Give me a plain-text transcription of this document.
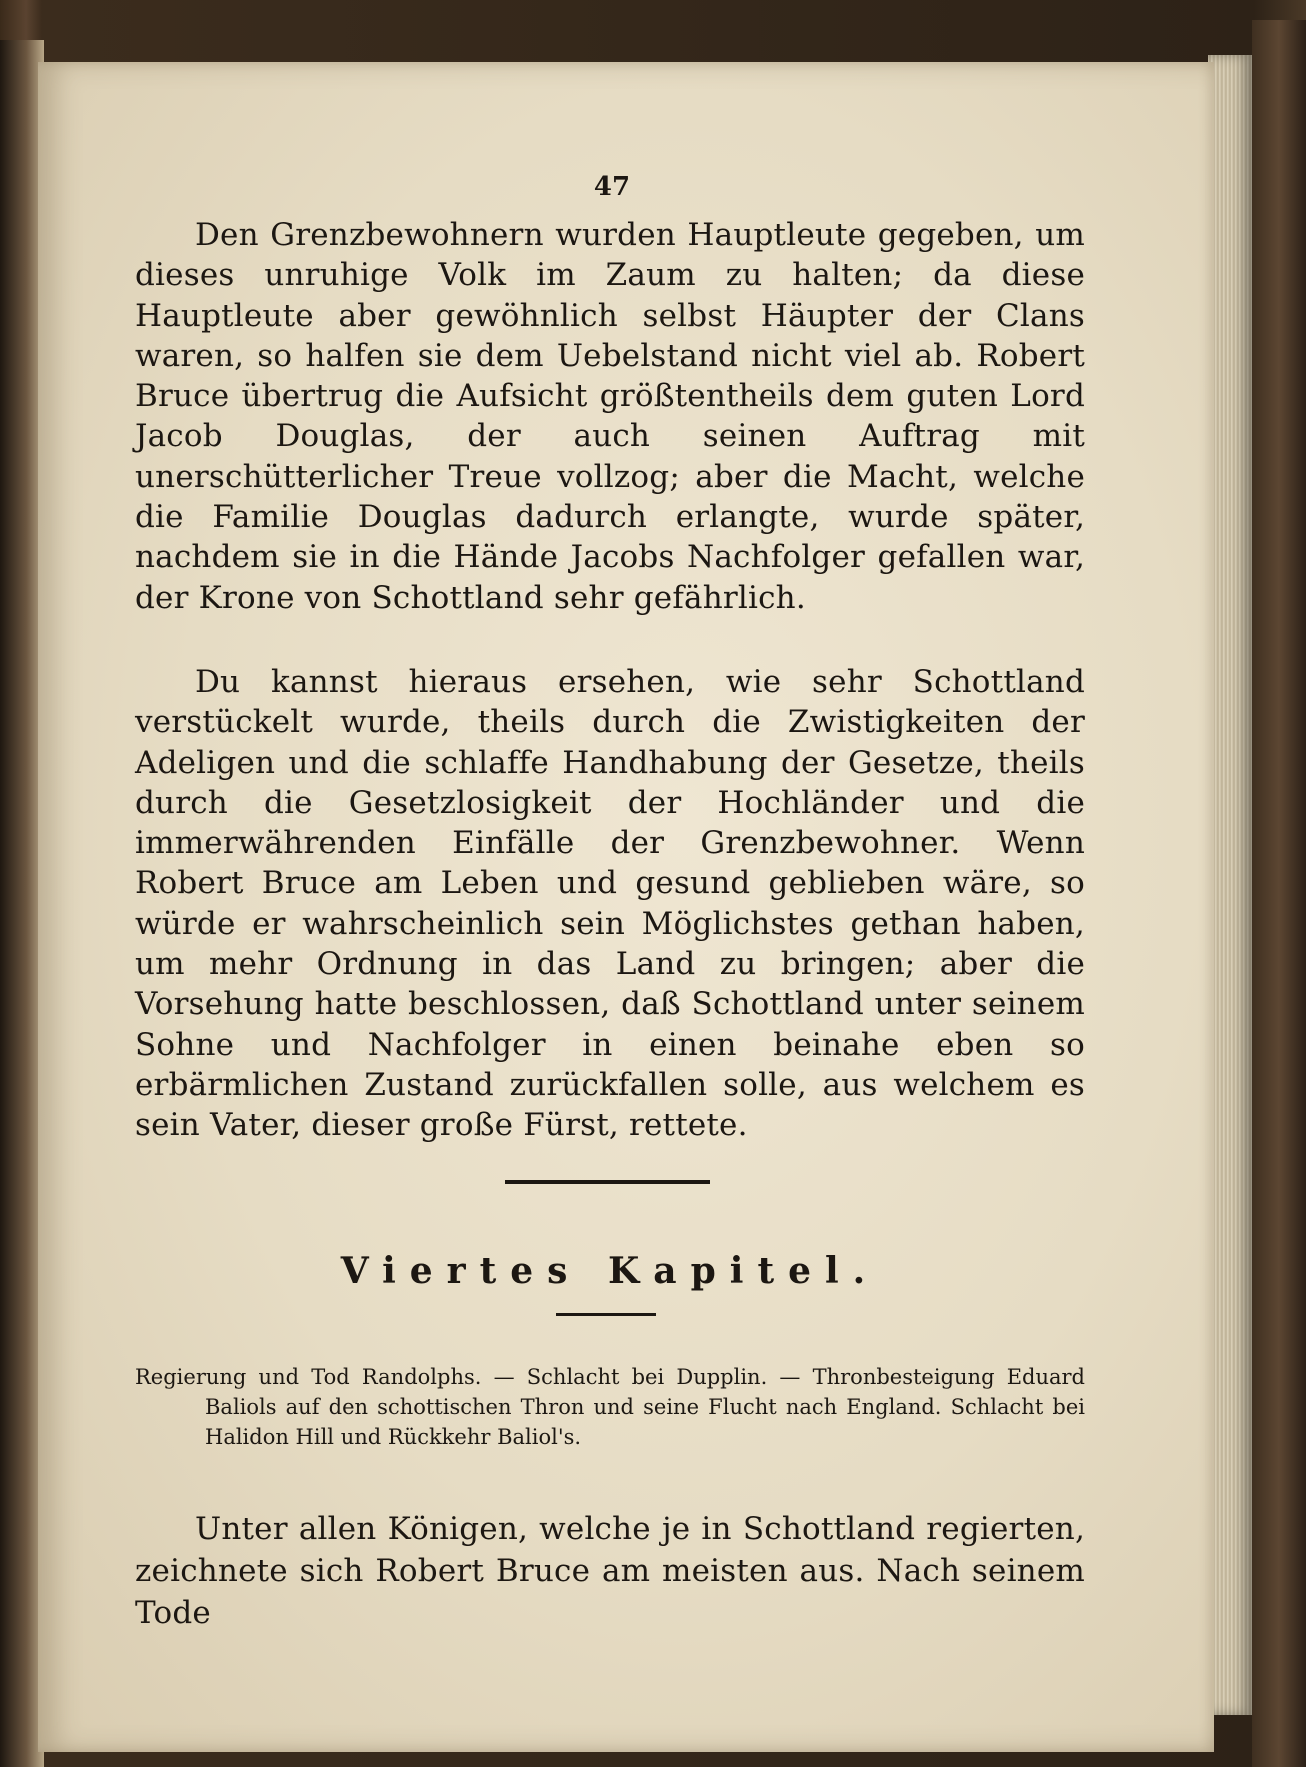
47

Den Grenzbewohnern wurden Hauptleute gegeben, um dieses unruhige Volk im Zaum zu halten; da diese Hauptleute aber gewöhnlich selbst Häupter der Clans waren, so halfen sie dem Uebelstand nicht viel ab. Robert Bruce übertrug die Aufsicht größtentheils dem guten Lord Jacob Douglas, der auch seinen Auftrag mit unerschütterlicher Treue vollzog; aber die Macht, welche die Familie Douglas dadurch erlangte, wurde später, nachdem sie in die Hände Jacobs Nachfolger gefallen war, der Krone von Schottland sehr gefährlich.

Du kannst hieraus ersehen, wie sehr Schottland verstückelt wurde, theils durch die Zwistigkeiten der Adeligen und die schlaffe Handhabung der Gesetze, theils durch die Gesetzlosigkeit der Hochländer und die immerwährenden Einfälle der Grenzbewohner. Wenn Robert Bruce am Leben und gesund geblieben wäre, so würde er wahrscheinlich sein Möglichstes gethan haben, um mehr Ordnung in das Land zu bringen; aber die Vorsehung hatte beschlossen, daß Schottland unter seinem Sohne und Nachfolger in einen beinahe eben so erbärmlichen Zustand zurückfallen solle, aus welchem es sein Vater, dieser große Fürst, rettete.

Viertes Kapitel.
Regierung und Tod Randolphs. — Schlacht bei Dupplin. — Thronbesteigung Eduard Baliols auf den schottischen Thron und seine Flucht nach England. Schlacht bei Halidon Hill und Rückkehr Baliol's.

Unter allen Königen, welche je in Schottland regierten, zeichnete sich Robert Bruce am meisten aus. Nach seinem Tode
